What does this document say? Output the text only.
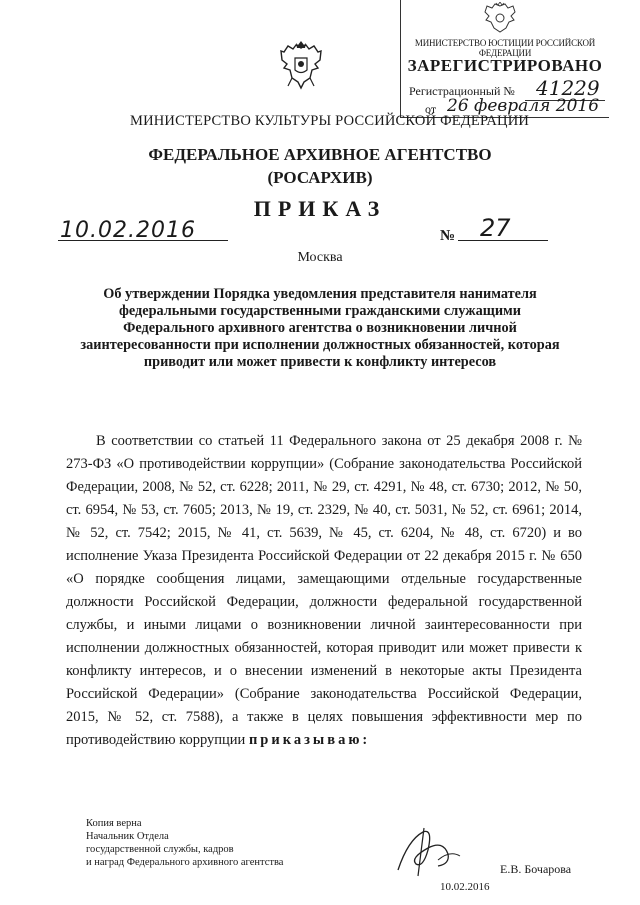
МИНИСТЕРСТВО ЮСТИЦИИ РОССИЙСКОЙ ФЕДЕРАЦИИ
ЗАРЕГИСТРИРОВАНО
Регистрационный № 41229
от 26 февраля 2016
МИНИСТЕРСТВО КУЛЬТУРЫ РОССИЙСКОЙ ФЕДЕРАЦИИ
ФЕДЕРАЛЬНОЕ АРХИВНОЕ АГЕНТСТВО
(РОСАРХИВ)
ПРИКАЗ
10.02.2016	№ 27
Москва
Об утверждении Порядка уведомления представителя нанимателя федеральными государственными гражданскими служащими Федерального архивного агентства о возникновении личной заинтересованности при исполнении должностных обязанностей, которая приводит или может привести к конфликту интересов

В соответствии со статьей 11 Федерального закона от 25 декабря 2008 г. № 273-ФЗ «О противодействии коррупции» (Собрание законодательства Российской Федерации, 2008, № 52, ст. 6228; 2011, № 29, ст. 4291, № 48, ст. 6730; 2012, № 50, ст. 6954, № 53, ст. 7605; 2013, № 19, ст. 2329, № 40, ст. 5031, № 52, ст. 6961; 2014, № 52, ст. 7542; 2015, № 41, ст. 5639, № 45, ст. 6204, № 48, ст. 6720) и во исполнение Указа Президента Российской Федерации от 22 декабря 2015 г. № 650 «О порядке сообщения лицами, замещающими отдельные государственные должности Российской Федерации, должности федеральной государственной службы, и иными лицами о возникновении личной заинтересованности при исполнении должностных обязанностей, которая приводит или может привести к конфликту интересов, и о внесении изменений в некоторые акты Президента Российской Федерации» (Собрание законодательства Российской Федерации, 2015, № 52, ст. 7588), а также в целях повышения эффективности мер по противодействию коррупции приказываю:

Копия верна
Начальник Отдела
государственной службы, кадров
и наград Федерального архивного агентства	Е.В. Бочарова
10.02.2016
